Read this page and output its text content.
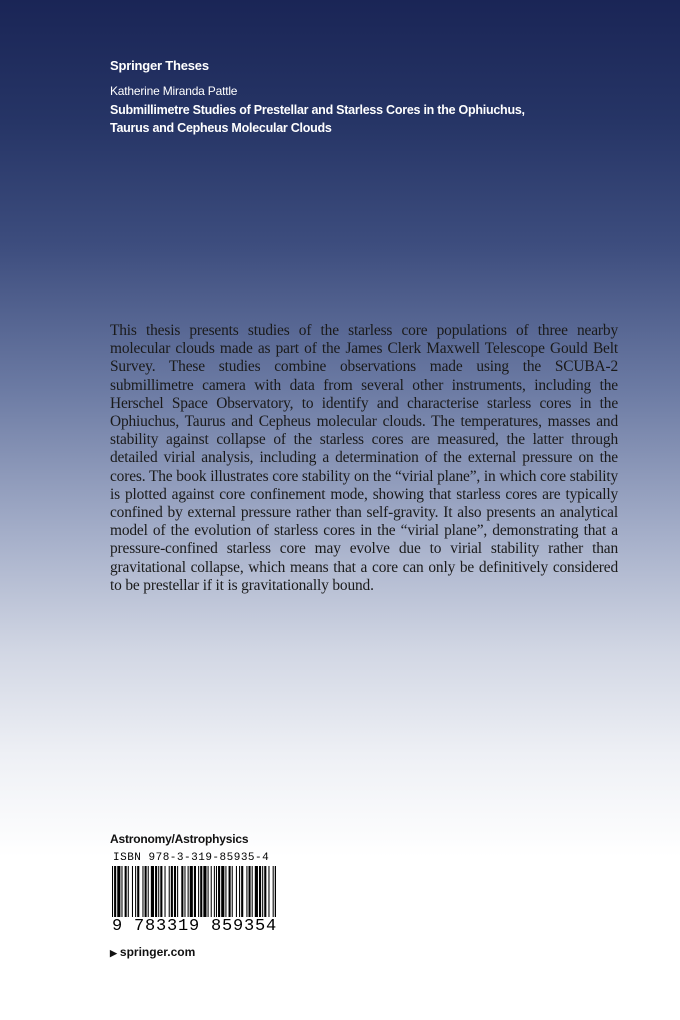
Springer Theses
Katherine Miranda Pattle
Submillimetre Studies of Prestellar and Starless Cores in the Ophiuchus,
Taurus and Cepheus Molecular Clouds

This thesis presents studies of the starless core populations of three nearby molecular clouds made as part of the James Clerk Maxwell Telescope Gould Belt Survey. These studies combine observations made using the SCUBA-2 submillimetre camera with data from several other instruments, including the Herschel Space Observatory, to identify and characterise starless cores in the Ophiuchus, Taurus and Cepheus molecular clouds. The temperatures, masses and stability against collapse of the starless cores are measured, the latter through detailed virial analysis, including a determination of the external pressure on the cores. The book illustrates core stability on the “virial plane”, in which core stability is plotted against core confinement mode, showing that starless cores are typically confined by external pressure rather than self-gravity. It also presents an analytical model of the evolution of starless cores in the “virial plane”, demonstrating that a pressure-confined starless core may evolve due to virial stability rather than gravitational collapse, which means that a core can only be definitively considered to be prestellar if it is gravitationally bound.

Astronomy/Astrophysics
ISBN 978-3-319-85935-4
9 783319 859354
▶ springer.com
